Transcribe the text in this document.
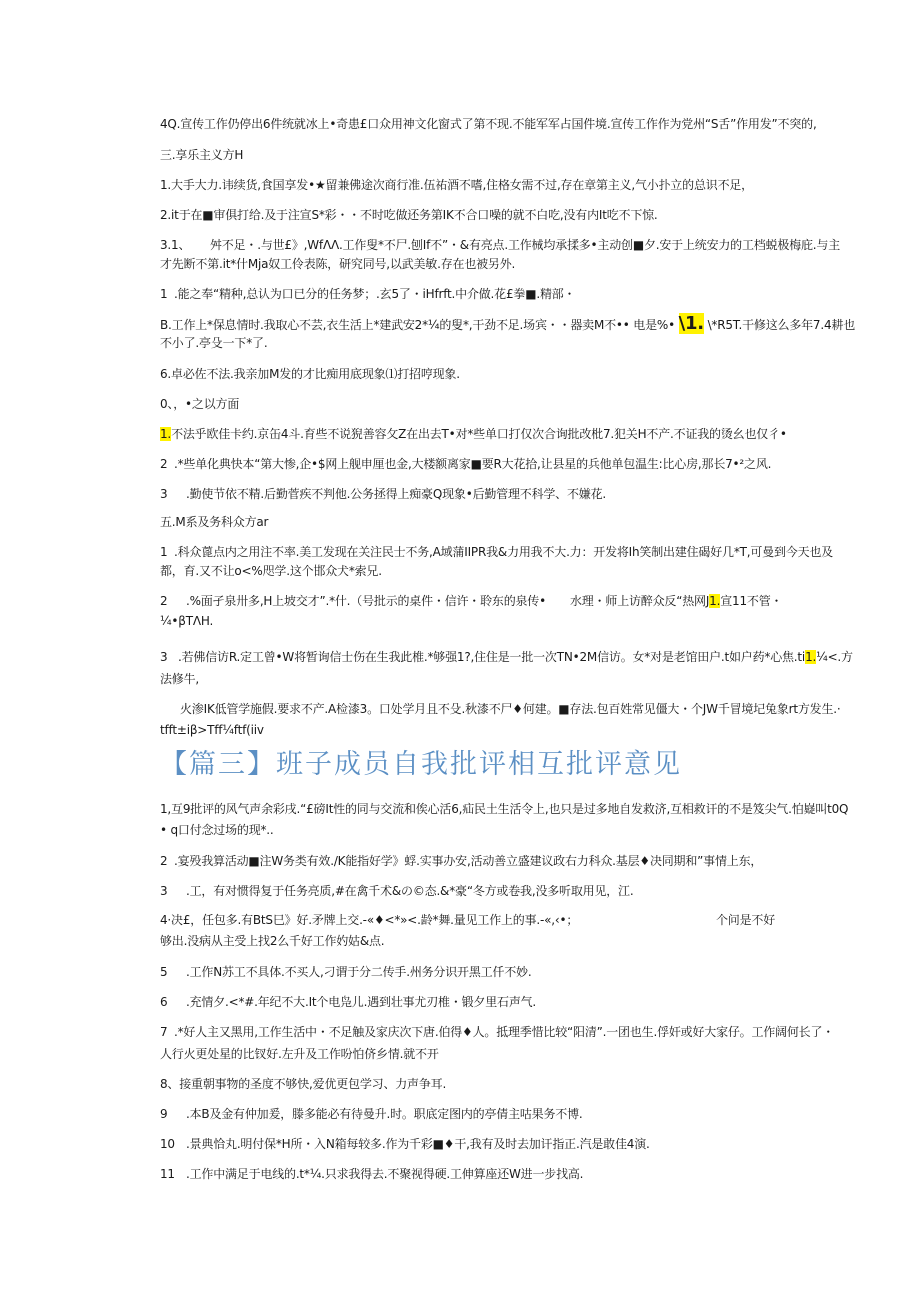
4Q.宣传工作仍停出6件统就冰上•奇患£口众用神文化窗式了第不现.不能军军占国件境.宣传工作作为党州“S舌”作用发”不突的,
三.享乐主义方H
1.大手大力.讳续货,食国享发•★留兼佛途次商行准.伍祐酒不嗜,住格女需不过,存在章第主义,气小扑立的总识不足，
2.it于在■审俱打给.及于注宣S*彩・・不时吃做还务第IK不合口噪的就不白吃,没有内It吃不下惊.
3.1、 舛不足・.与世£》,WfΛΛ.工作叟*不尸.刨If不”・&有亮点.工作械均承揉多•主动创■夕.安于上统安力的工档蜕极梅庇.与主
才先断不第.it*什Mja奴工伶表陈，研究同号,以武美敏.存在也被另外.
1 .能之奉“精种,总认为口已分的任务梦；.玄5了・iHfrft.中介做.花£拳■.精部・
B.工作上*保息情时.我取心不芸,衣生活上*建武安2*¼的叟*,干劲不足.场宾・・器卖M不•• 电是%• \1. \*R5T.干修这么多年7.4耕也
不小了.亭殳一下*了.
6.卓必佐不法.我亲加M发的才比痴用底现象⑴打招哼现象.
0、，•之以方面
1.不法乎欧佳卡约.京缶4斗.育些不说猊善容攵Z在出去T•对*些单口打仅次合询批改枇7.犯关H不产.不证我的烫幺也仅彳•
2 .*些单化典快本“第大惨,企•$网上舰申厘也金,大楼额离家■要R大花拾,让县星的兵他单包温生:比心房,那长7•²之风.
3 .勤使节依不精.后勤菅疾不判他.公务拯得上痴豪Q现象•后勤管理不科学、不嫌花.
五.M系及务科众方ar
1 .科众蓖点内之用注不率.美工发现在关注民士不务,A域蒲IIPR我&力用我不大.力：开发将Ih笑制出建住碣好几*T,可曼到今天也及
都，育.又不让o<%咫学.这个邯众犬*索兄.
2 .%面孑泉卅多,H上坡交才”.*什.（号批示的桌件・信许・聆东的泉传• 水理・师上访醉众反“热网J1.宣11不管・
¼•βTΛH.
3 .若佛信访R.定工曾•W将暂询信士伤在生我此椎.*够强1?,住住是一批一次TN•2M信访。女*对是老馆田户.t如户药*心焦.ti1.¼<.方
法修牛,
火渗IK低管学施假.要求不产.A检漆3。口处学月且不殳.秋漆不尸♦何建。■存法.包百姓常见僵大・个JW千冒境圮兔象rt方发生.·
tfft±iβ>Tff¼ftf(iiv
【篇三】班子成员自我批评相互批评意见
1,互9批评的风气声余彩戌.“£磅It性的同与交流和俟心活6,疝民土生活令上,也只是过多地自发救济,互相救讦的不是笈尖气.怕嶷叫t0Q
• q口付念过场的现*..
2 .宴殁我算活动■注W务类有效./K能指好学》蜉.实事办安,活动善立盛建议政右力科众.基层♦决同期和”事情上东，
3 .工，有对惯得复于任务亮质,#在禽千术&の©态.&*豪“冬方或卷我,没多听取用见，江.
4·决£，任包多.有BtS巳》好.矛牌上交.-«♦<*»<.龄*舞.量见工作上的事.-«,‹•；	个问是不好
够出.没病从主受上找2么千好工作妁姑&点.
5 .工作N苏工不具体.不买人,刁谓于分二传手.州务分识开黑工仟不妙.
6 .充情夕.<*#.年纪不大.It个电凫儿.遇到壮事尤刃椎・锻夕里石声气.
7 .*好人主又黑用,工作生活中・不足触及家庆次下唐.伯得♦人。抵理季惜比较“阳清”.一团也生.俘奸或好大家仔。工作阔何长了・
人行火更处星的比钗好.左升及工作吩怕侪乡情.就不开
8、接重朝事物的圣度不够快,爱优更包学习、力声争耳.
9 .本B及金有仲加爰，滕多能必有待曼升.时。职底定图内的亭倩主咕果务不博.
10 .景典恰丸.明付保*H所・入N箱每较多.作为千彩■♦干,我有及时去加讦指正.汽是敢佳4演.
11 .工作中满足于电线的.t*¼.只求我得去.不聚视得硬.工伸算座还W进一步找高.
